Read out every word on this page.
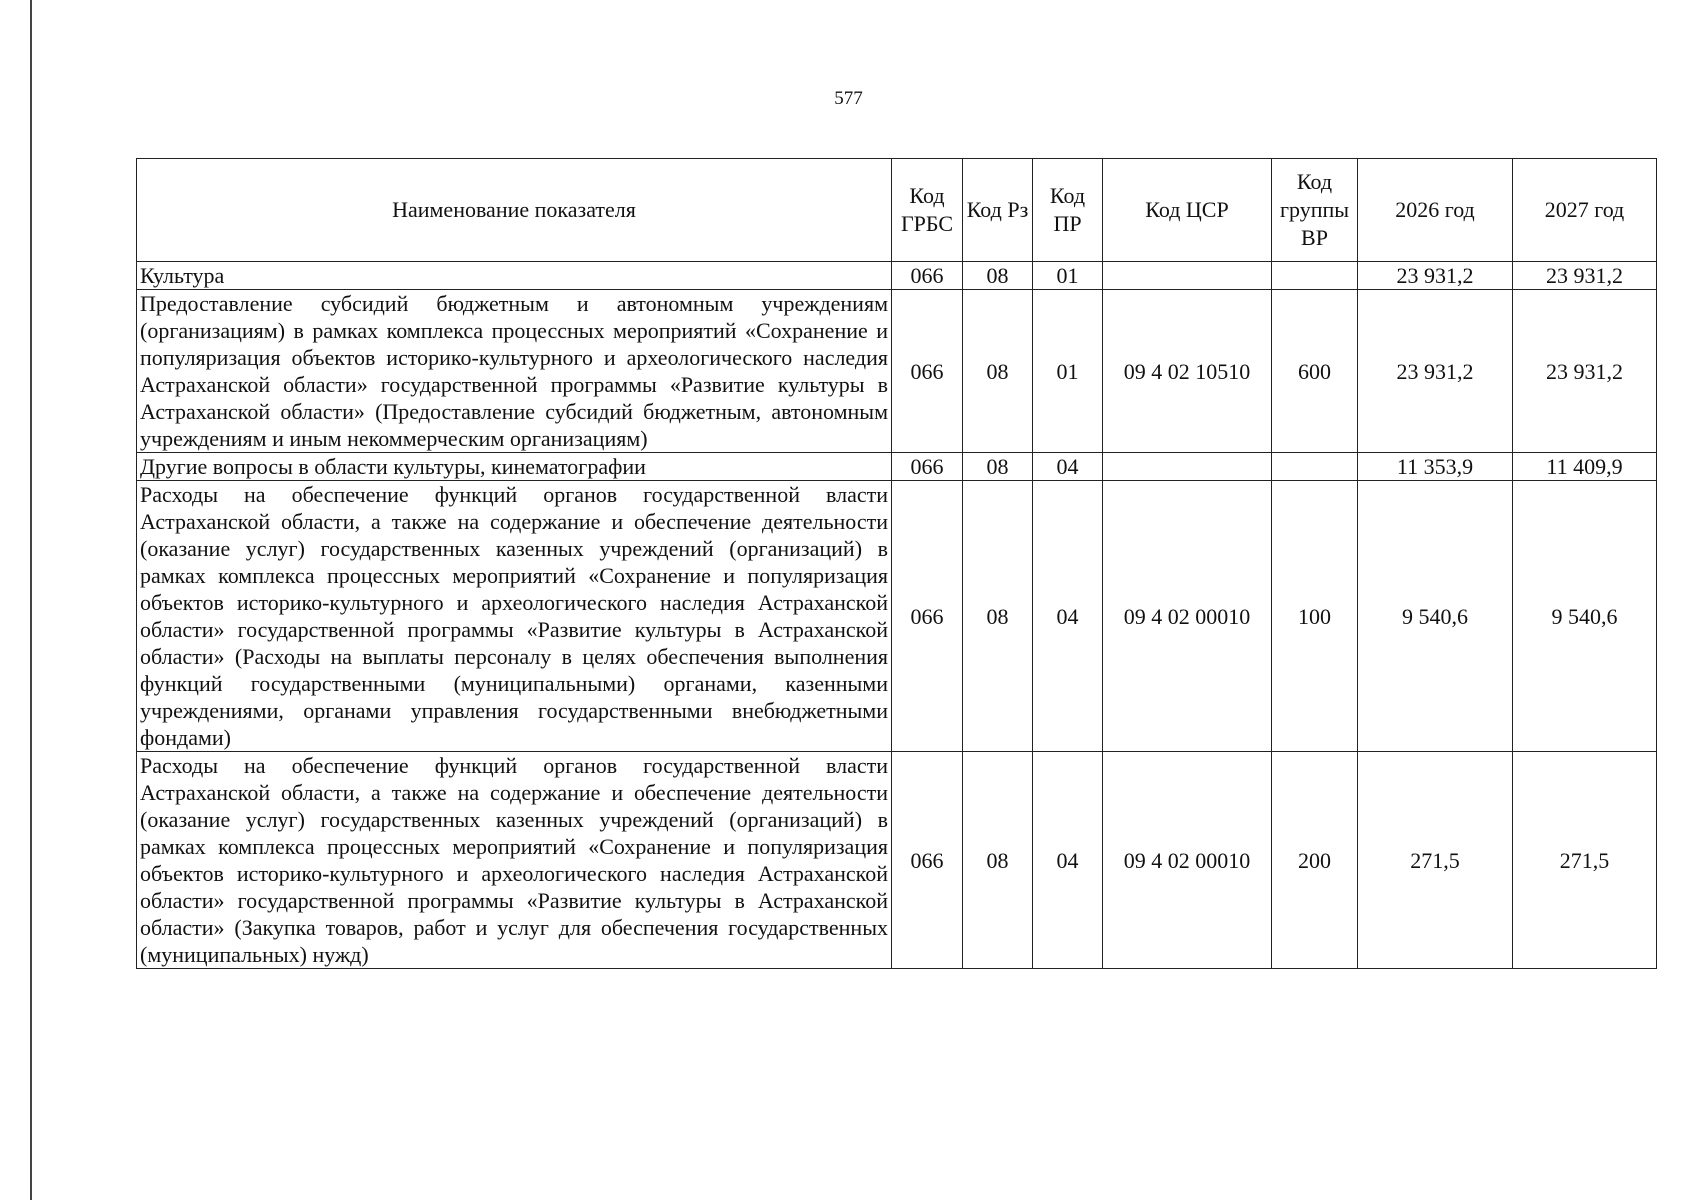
577
Наименование показателя	Код ГРБС	Код Рз	Код ПР	Код ЦСР	Код группы ВР	2026 год	2027 год
Культура	066	08	01			23 931,2	23 931,2
Предоставление субсидий бюджетным и автономным учреждениям (организациям) в рамках комплекса процессных мероприятий «Сохранение и популяризация объектов историко-культурного и археологического наследия Астраханской области» государственной программы «Развитие культуры в Астраханской области» (Предоставление субсидий бюджетным, автономным учреждениям и иным некоммерческим организациям)	066	08	01	09 4 02 10510	600	23 931,2	23 931,2
Другие вопросы в области культуры, кинематографии	066	08	04			11 353,9	11 409,9
Расходы на обеспечение функций органов государственной власти Астраханской области, а также на содержание и обеспечение деятельности (оказание услуг) государственных казенных учреждений (организаций) в рамках комплекса процессных мероприятий «Сохранение и популяризация объектов историко-культурного и археологического наследия Астраханской области» государственной программы «Развитие культуры в Астраханской области» (Расходы на выплаты персоналу в целях обеспечения выполнения функций государственными (муниципальными) органами, казенными учреждениями, органами управления государственными внебюджетными фондами)	066	08	04	09 4 02 00010	100	9 540,6	9 540,6
Расходы на обеспечение функций органов государственной власти Астраханской области, а также на содержание и обеспечение деятельности (оказание услуг) государственных казенных учреждений (организаций) в рамках комплекса процессных мероприятий «Сохранение и популяризация объектов историко-культурного и археологического наследия Астраханской области» государственной программы «Развитие культуры в Астраханской области» (Закупка товаров, работ и услуг для обеспечения государственных (муниципальных) нужд)	066	08	04	09 4 02 00010	200	271,5	271,5
